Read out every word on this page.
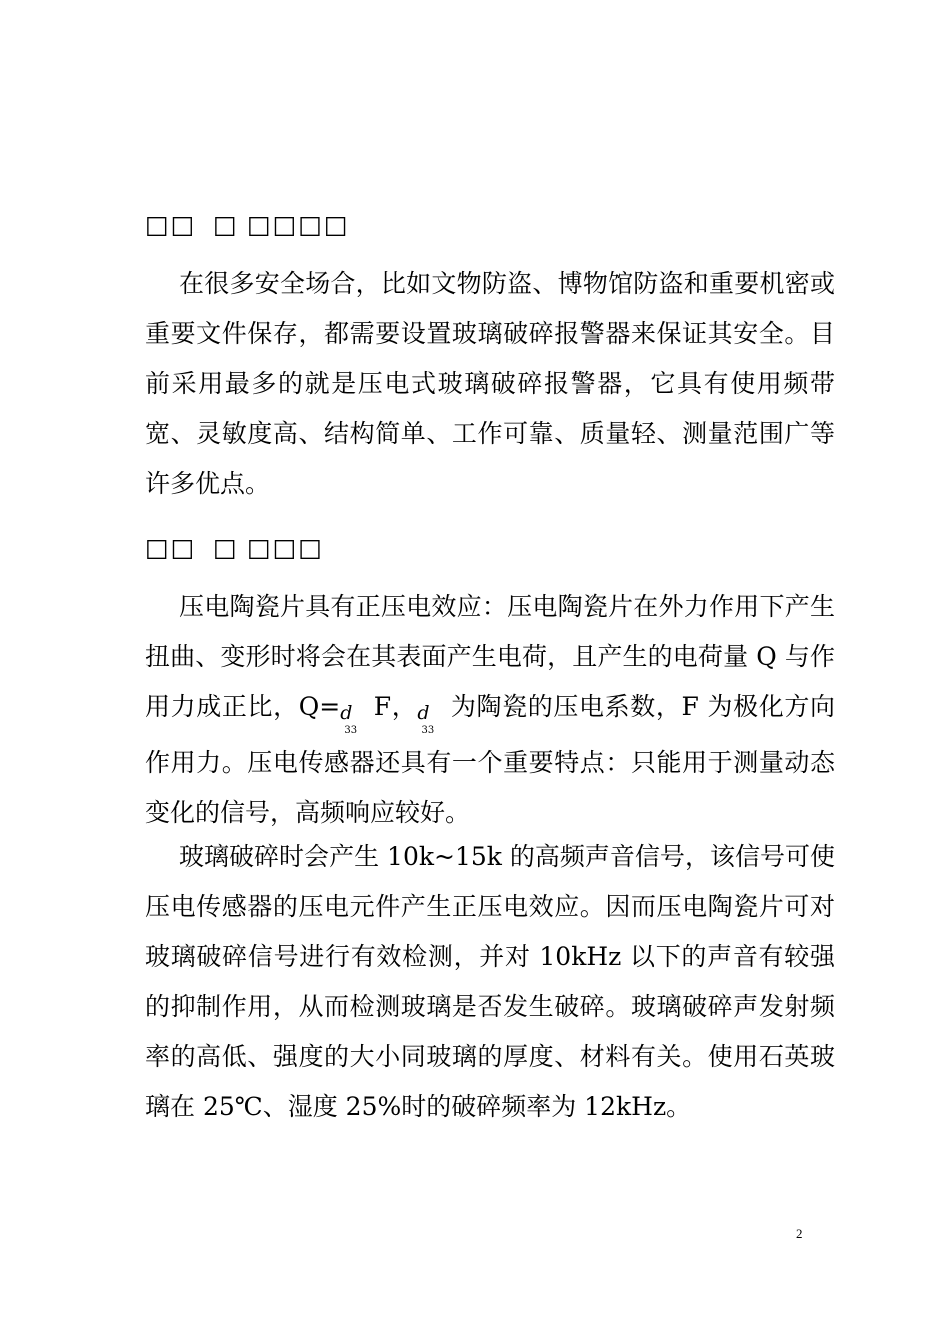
□□ □ □□□□

在很多安全场合，比如文物防盗、博物馆防盗和重要机密或重要文件保存，都需要设置玻璃破碎报警器来保证其安全。目前采用最多的就是压电式玻璃破碎报警器，它具有使用频带宽、灵敏度高、结构简单、工作可靠、质量轻、测量范围广等许多优点。

□□ □ □□□

压电陶瓷片具有正压电效应：压电陶瓷片在外力作用下产生扭曲、变形时将会在其表面产生电荷，且产生的电荷量 Q 与作用力成正比，$Q=d_{33}$ F，$d_{33}$ 为陶瓷的压电系数，F 为极化方向作用力。压电传感器还具有一个重要特点：只能用于测量动态变化的信号，高频响应较好。

玻璃破碎时会产生 10k~15k 的高频声音信号，该信号可使压电传感器的压电元件产生正压电效应。因而压电陶瓷片可对玻璃破碎信号进行有效检测，并对 10kHz 以下的声音有较强的抑制作用，从而检测玻璃是否发生破碎。玻璃破碎声发射频率的高低、强度的大小同玻璃的厚度、材料有关。使用石英玻璃在 25℃、湿度 25%时的破碎频率为 12kHz。

2
